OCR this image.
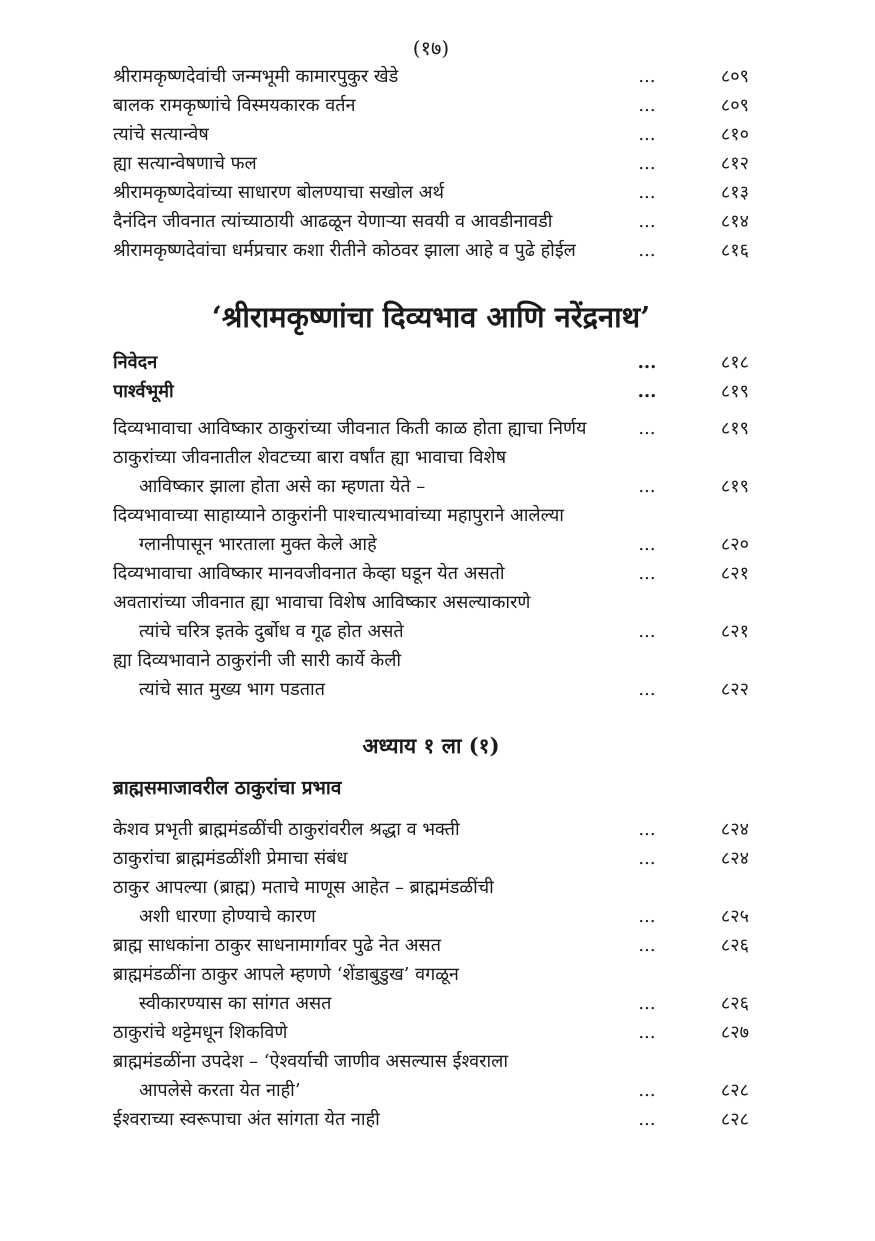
(१७)
श्रीरामकृष्णदेवांची जन्मभूमी कामारपुकुर खेडे	...	८०९
बालक रामकृष्णांचे विस्मयकारक वर्तन	...	८०९
त्यांचे सत्यान्वेष	...	८१०
ह्या सत्यान्वेषणाचे फल	...	८१२
श्रीरामकृष्णदेवांच्या साधारण बोलण्याचा सखोल अर्थ	...	८१३
दैनंदिन जीवनात त्यांच्याठायी आढळून येणाऱ्या सवयी व आवडीनावडी	...	८१४
श्रीरामकृष्णदेवांचा धर्मप्रचार कशा रीतीने कोठवर झाला आहे व पुढे होईल	...	८१६
‘श्रीरामकृष्णांचा दिव्यभाव आणि नरेंद्रनाथ’
निवेदन	...	८१८
पार्श्वभूमी	...	८१९
दिव्यभावाचा आविष्कार ठाकुरांच्या जीवनात किती काळ होता ह्याचा निर्णय	...	८१९
ठाकुरांच्या जीवनातील शेवटच्या बारा वर्षांत ह्या भावाचा विशेष
आविष्कार झाला होता असे का म्हणता येते –	...	८१९
दिव्यभावाच्या साहाय्याने ठाकुरांनी पाश्चात्यभावांच्या महापुराने आलेल्या
ग्लानीपासून भारताला मुक्त केले आहे	...	८२०
दिव्यभावाचा आविष्कार मानवजीवनात केव्हा घडून येत असतो	...	८२१
अवतारांच्या जीवनात ह्या भावाचा विशेष आविष्कार असल्याकारणे
त्यांचे चरित्र इतके दुर्बोध व गूढ होत असते	...	८२१
ह्या दिव्यभावाने ठाकुरांनी जी सारी कार्ये केली
त्यांचे सात मुख्य भाग पडतात	...	८२२
अध्याय १ ला (१)
ब्राह्मसमाजावरील ठाकुरांचा प्रभाव
केशव प्रभृती ब्राह्ममंडळींची ठाकुरांवरील श्रद्धा व भक्ती	...	८२४
ठाकुरांचा ब्राह्ममंडळींशी प्रेमाचा संबंध	...	८२४
ठाकुर आपल्या (ब्राह्म) मताचे माणूस आहेत – ब्राह्ममंडळींची
अशी धारणा होण्याचे कारण	...	८२५
ब्राह्म साधकांना ठाकुर साधनामार्गावर पुढे नेत असत	...	८२६
ब्राह्ममंडळींना ठाकुर आपले म्हणणे ‘शेंडाबुडुख’ वगळून
स्वीकारण्यास का सांगत असत	...	८२६
ठाकुरांचे थट्टेमधून शिकविणे	...	८२७
ब्राह्ममंडळींना उपदेश – ‘ऐश्वर्याची जाणीव असल्यास ईश्वराला
आपलेसे करता येत नाही’	...	८२८
ईश्वराच्या स्वरूपाचा अंत सांगता येत नाही	...	८२८
